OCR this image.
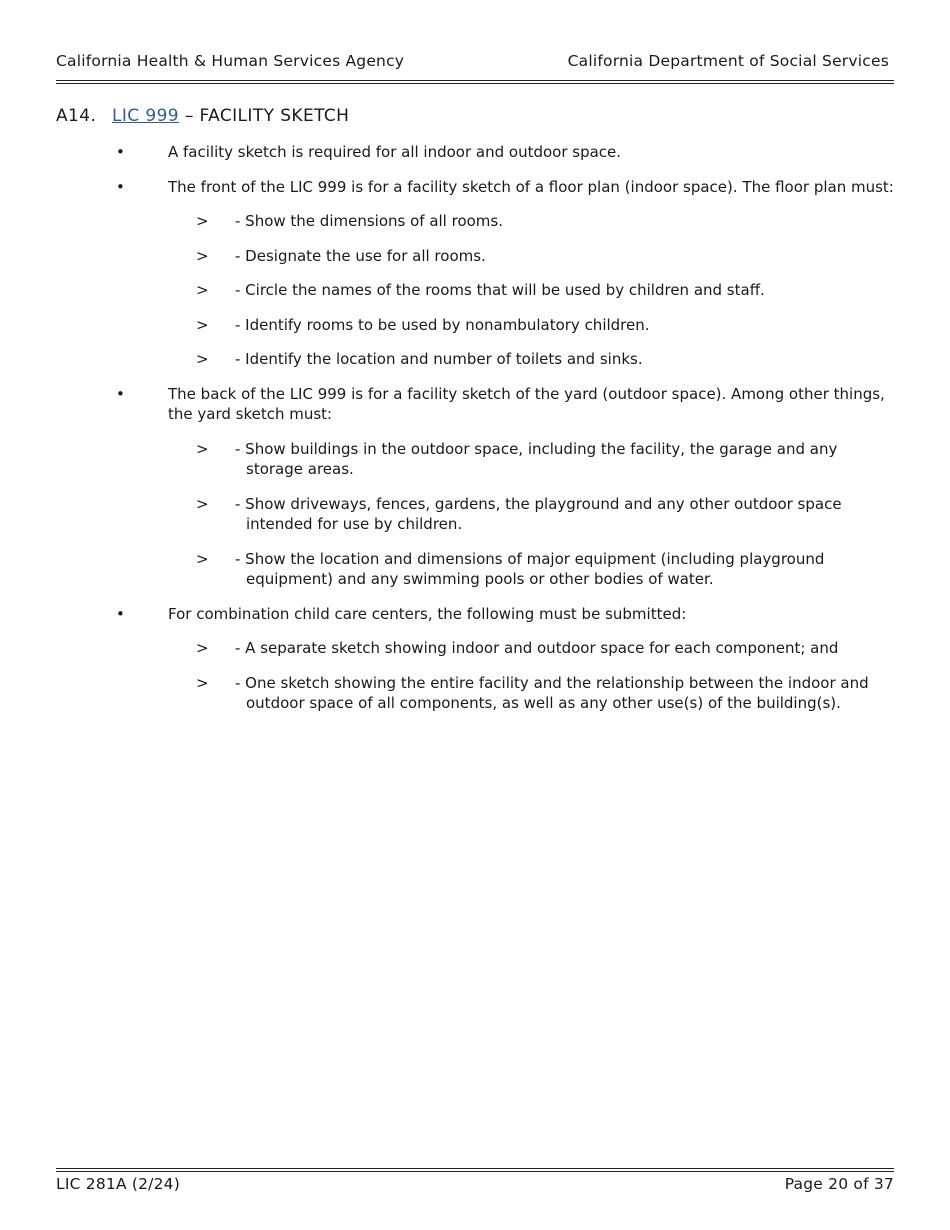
California Health & Human Services Agency	California Department of Social Services
A14. LIC 999 – FACILITY SKETCH
•	A facility sketch is required for all indoor and outdoor space.
•	The front of the LIC 999 is for a facility sketch of a floor plan (indoor space). The floor plan must:
> - Show the dimensions of all rooms.
> - Designate the use for all rooms.
> - Circle the names of the rooms that will be used by children and staff.
> - Identify rooms to be used by nonambulatory children.
> - Identify the location and number of toilets and sinks.
•	The back of the LIC 999 is for a facility sketch of the yard (outdoor space). Among other things, the yard sketch must:
> - Show buildings in the outdoor space, including the facility, the garage and any storage areas.
> - Show driveways, fences, gardens, the playground and any other outdoor space intended for use by children.
> - Show the location and dimensions of major equipment (including playground equipment) and any swimming pools or other bodies of water.
•	For combination child care centers, the following must be submitted:
> - A separate sketch showing indoor and outdoor space for each component; and
> - One sketch showing the entire facility and the relationship between the indoor and outdoor space of all components, as well as any other use(s) of the building(s).
LIC 281A (2/24)	Page 20 of 37
